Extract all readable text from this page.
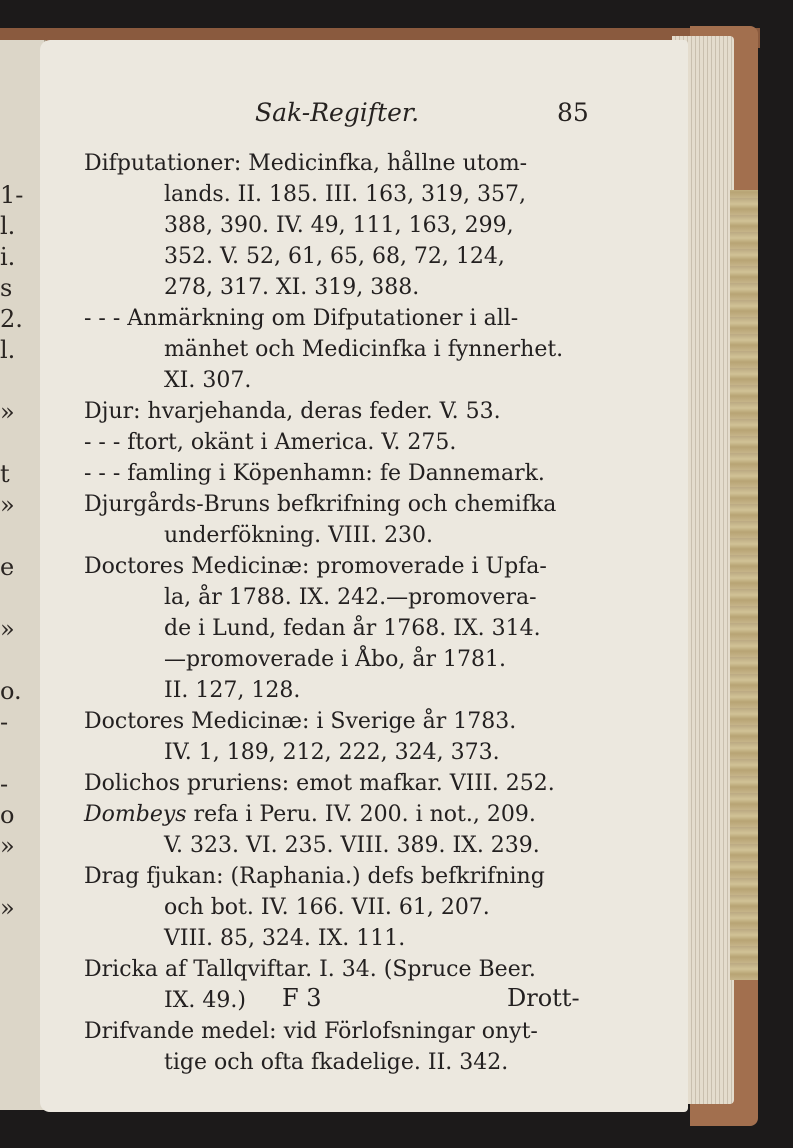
1-
l.
i.
s
2.
l.
»
t
»
e
»
o.
-
-
o
»
»
Sak-Regifter.	85
Difputationer: Medicinfka, hållne utom-
lands. II. 185. III. 163, 319, 357,
388, 390. IV. 49, 111, 163, 299,
352. V. 52, 61, 65, 68, 72, 124,
278, 317. XI. 319, 388.
- - - Anmärkning om Difputationer i all-
mänhet och Medicinfka i fynnerhet.
XI. 307.
Djur: hvarjehanda, deras feder. V. 53.
- - - ftort, okänt i America. V. 275.
- - - famling i Köpenhamn: fe Dannemark.
Djurgårds-Bruns befkrifning och chemifka
underfökning. VIII. 230.
Doctores Medicinæ: promoverade i Upfa-
la, år 1788. IX. 242.—promovera-
de i Lund, fedan år 1768. IX. 314.
—promoverade i Åbo, år 1781.
II. 127, 128.
Doctores Medicinæ: i Sverige år 1783.
IV. 1, 189, 212, 222, 324, 373.
Dolichos pruriens: emot mafkar. VIII. 252.
Dombeys refa i Peru. IV. 200. i not., 209.
V. 323. VI. 235. VIII. 389. IX. 239.
Drag fjukan: (Raphania.) defs befkrifning
och bot. IV. 166. VII. 61, 207.
VIII. 85, 324. IX. 111.
Dricka af Tallqviftar. I. 34. (Spruce Beer.
IX. 49.)
Drifvande medel: vid Förlofsningar onyt-
tige och ofta fkadelige. II. 342.
F 3	Drott-
